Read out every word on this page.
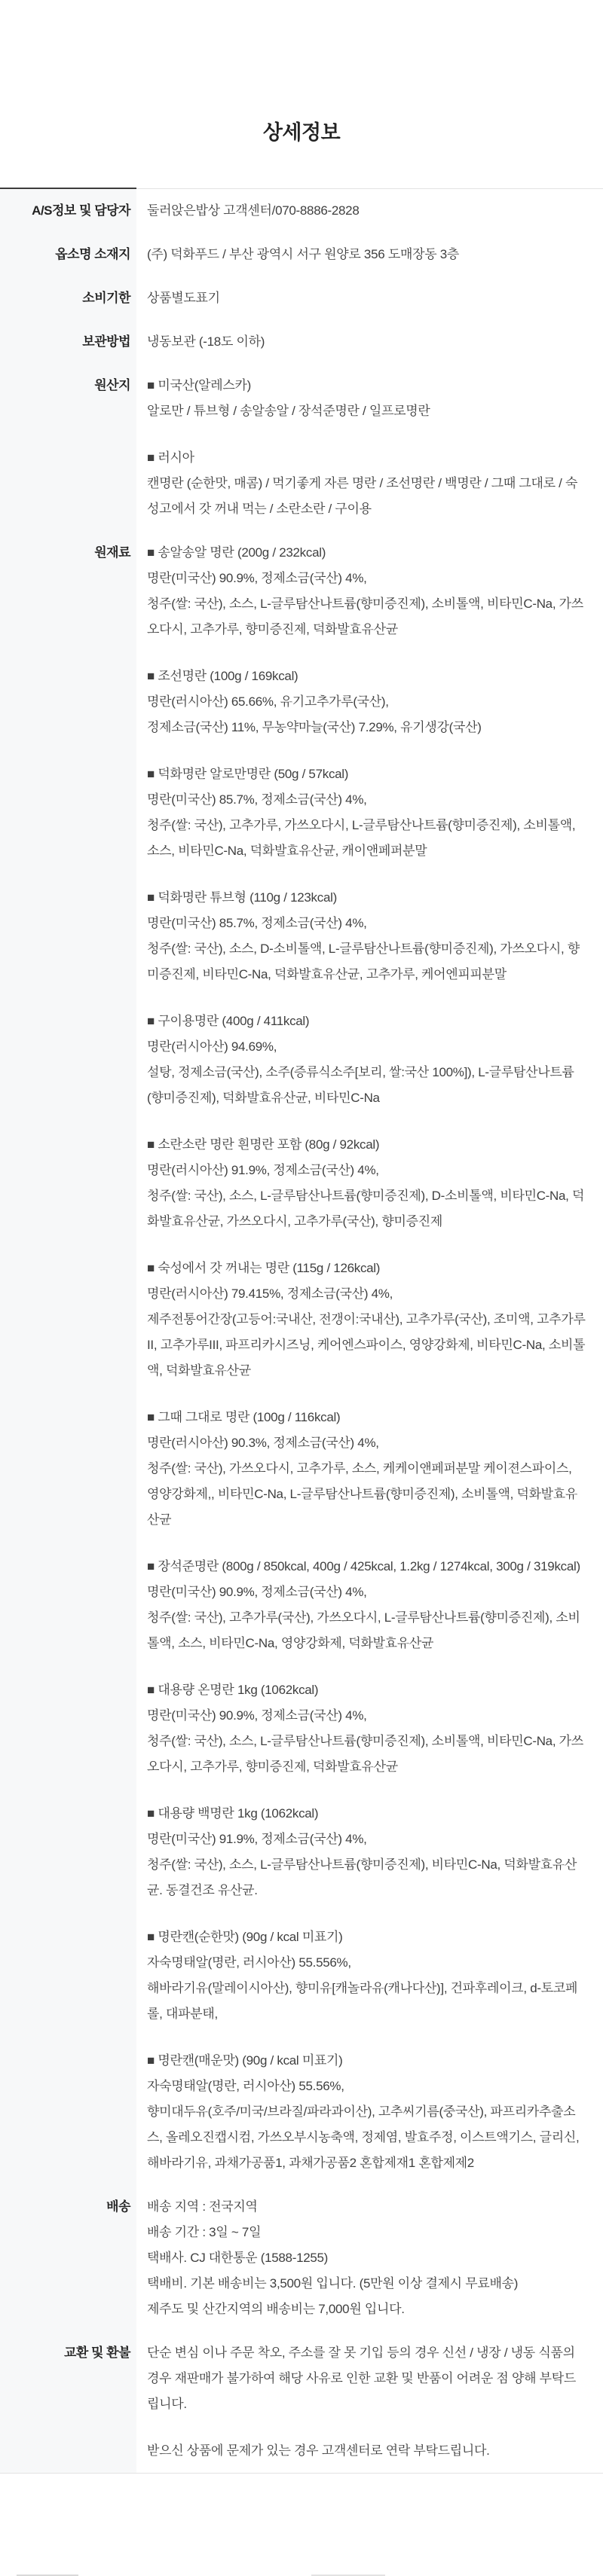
상세정보
A/S정보 및 담당자	둘러앉은밥상 고객센터/070-8886-2828
옵소명 소재지	(주) 덕화푸드 / 부산 광역시 서구 원양로 356 도매장동 3층
소비기한	상품별도표기
보관방법	냉동보관 (-18도 이하)
원산지	■ 미국산(알레스카)
알로만 / 튜브형 / 송알송알 / 장석준명란 / 일프로명란
■ 러시아
캔명란 (순한맛, 매콤) / 먹기좋게 자른 명란 / 조선명란 / 백명란 / 그때 그대로 / 숙성고에서 갓 꺼내 먹는 / 소란소란 / 구이용
원재료	■ 송알송알 명란 (200g / 232kcal)
명란(미국산) 90.9%, 정제소금(국산) 4%,
청주(쌀: 국산), 소스, L-글루탐산나트륨(향미증진제), 소비톨액, 비타민C-Na, 가쓰오다시, 고추가루, 향미증진제, 덕화발효유산균
■ 조선명란 (100g / 169kcal)
명란(러시아산) 65.66%, 유기고추가루(국산),
정제소금(국산) 11%, 무농약마늘(국산) 7.29%, 유기생강(국산)
■ 덕화명란 알로만명란 (50g / 57kcal)
명란(미국산) 85.7%, 정제소금(국산) 4%,
청주(쌀: 국산), 고추가루, 가쓰오다시, L-글루탐산나트륨(향미증진제), 소비톨액, 소스, 비타민C-Na, 덕화발효유산균, 캐이앤페퍼분말
■ 덕화명란 튜브형 (110g / 123kcal)
명란(미국산) 85.7%, 정제소금(국산) 4%,
청주(쌀: 국산), 소스, D-소비톨액, L-글루탐산나트륨(향미증진제), 가쓰오다시, 향미증진제, 비타민C-Na, 덕화발효유산균, 고추가루, 케어엔피피분말
■ 구이용명란 (400g / 411kcal)
명란(러시아산) 94.69%,
설탕, 정제소금(국산), 소주(증류식소주[보리, 쌀:국산 100%]), L-글루탐산나트륨(향미증진제), 덕화발효유산균, 비타민C-Na
■ 소란소란 명란 흰명란 포함 (80g / 92kcal)
명란(러시아산) 91.9%, 정제소금(국산) 4%,
청주(쌀: 국산), 소스, L-글루탐산나트륨(향미증진제), D-소비톨액, 비타민C-Na, 덕화발효유산균, 가쓰오다시, 고추가루(국산), 향미증진제
■ 숙성에서 갓 꺼내는 명란 (115g / 126kcal)
명란(러시아산) 79.415%, 정제소금(국산) 4%,
제주전통어간장(고등어:국내산, 전갱이:국내산), 고추가루(국산), 조미액, 고추가루II, 고추가루III, 파프리카시즈닝, 케어엔스파이스, 영양강화제, 비타민C-Na, 소비톨액, 덕화발효유산균
■ 그때 그대로 명란 (100g / 116kcal)
명란(러시아산) 90.3%, 정제소금(국산) 4%,
청주(쌀: 국산), 가쓰오다시, 고추가루, 소스, 케케이앤페퍼분말 케이젼스파이스, 영양강화제,, 비타민C-Na, L-글루탐산나트륨(향미증진제), 소비톨액, 덕화발효유산균
■ 장석준명란 (800g / 850kcal, 400g / 425kcal, 1.2kg / 1274kcal, 300g / 319kcal)
명란(미국산) 90.9%, 정제소금(국산) 4%,
청주(쌀: 국산), 고추가루(국산), 가쓰오다시, L-글루탐산나트륨(향미증진제), 소비톨액, 소스, 비타민C-Na, 영양강화제, 덕화발효유산균
■ 대용량 온명란 1kg (1062kcal)
명란(미국산) 90.9%, 정제소금(국산) 4%,
청주(쌀: 국산), 소스, L-글루탐산나트륨(향미증진제), 소비톨액, 비타민C-Na, 가쓰오다시, 고추가루, 향미증진제, 덕화발효유산균
■ 대용량 백명란 1kg (1062kcal)
명란(미국산) 91.9%, 정제소금(국산) 4%,
청주(쌀: 국산), 소스, L-글루탐산나트륨(향미증진제), 비타민C-Na, 덕화발효유산균. 동결건조 유산균.
■ 명란캔(순한맛) (90g / kcal 미표기)
자숙명태알(명란, 러시아산) 55.556%,
해바라기유(말레이시아산), 향미유[캐놀라유(캐나다산)], 건파후레이크, d-토코페롤, 대파분태,
■ 명란캔(매운맛) (90g / kcal 미표기)
자숙명태알(명란, 러시아산) 55.56%,
향미대두유(호주/미국/브라질/파라과이산), 고추씨기름(중국산), 파프리카추출소스, 올레오진캡시컴, 가쓰오부시농축액, 정제염, 발효주정, 이스트액기스, 글리신, 해바라기유, 과채가공품1, 과채가공품2 혼합제재1 혼합제제2
배송	배송 지역 : 전국지역
배송 기간 : 3일 ~ 7일
택배사. CJ 대한통운 (1588-1255)
택배비. 기본 배송비는 3,500원 입니다. (5만원 이상 결제시 무료배송)
제주도 및 산간지역의 배송비는 7,000원 입니다.
교환 및 환불	단순 변심 이나 주문 착오, 주소를 잘 못 기입 등의 경우 신선 / 냉장 / 냉동 식품의 경우 재판매가 불가하여 해당 사유로 인한 교환 및 반품이 어려운 점 양해 부탁드립니다.
받으신 상품에 문제가 있는 경우 고객센터로 연락 부탁드립니다.
